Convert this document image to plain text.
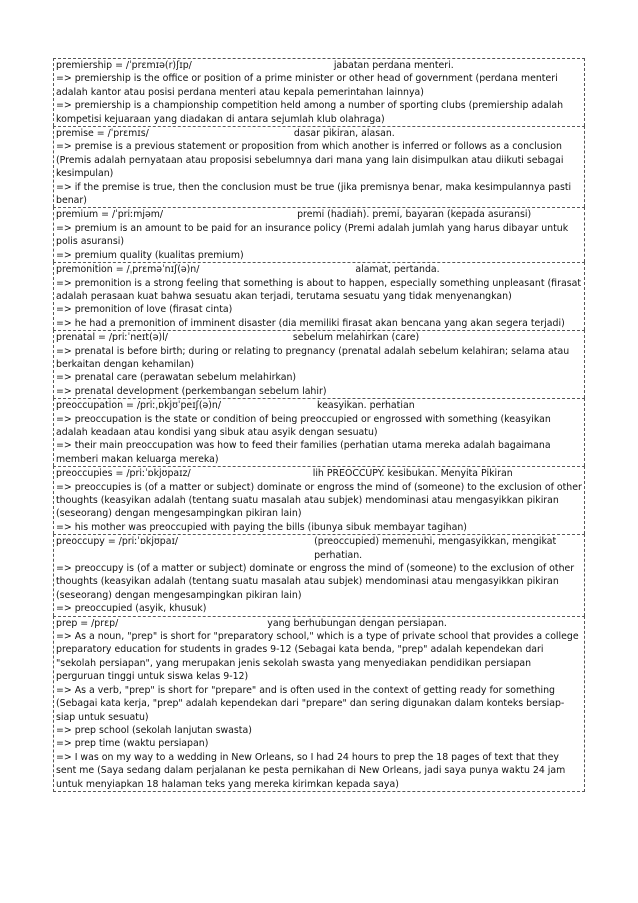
premiership = /ˈprɛmɪə(r)ʃɪp/	jabatan perdana menteri.
=> premiership is the office or position of a prime minister or other head of government (perdana menteri adalah kantor atau posisi perdana menteri atau kepala pemerintahan lainnya)
=> premiership is a championship competition held among a number of sporting clubs (premiership adalah kompetisi kejuaraan yang diadakan di antara sejumlah klub olahraga)
premise = /ˈprɛmɪs/	dasar pikiran, alasan.
=> premise is a previous statement or proposition from which another is inferred or follows as a conclusion (Premis adalah pernyataan atau proposisi sebelumnya dari mana yang lain disimpulkan atau diikuti sebagai kesimpulan)
=> if the premise is true, then the conclusion must be true (jika premisnya benar, maka kesimpulannya pasti benar)
premium = /ˈpriːmjəm/	premi (hadiah). premi, bayaran (kepada asuransi)
=> premium is an amount to be paid for an insurance policy (Premi adalah jumlah yang harus dibayar untuk polis asuransi)
=> premium quality (kualitas premium)
premonition = /ˌprɛməˈnɪʃ(ə)n/	alamat, pertanda.
=> premonition is a strong feeling that something is about to happen, especially something unpleasant (firasat adalah perasaan kuat bahwa sesuatu akan terjadi, terutama sesuatu yang tidak menyenangkan)
=> premonition of love (firasat cinta)
=> he had a premonition of imminent disaster (dia memiliki firasat akan bencana yang akan segera terjadi)
prenatal = /priːˈneɪt(ə)l/	sebelum melahirkan (care)
=> prenatal is before birth; during or relating to pregnancy (prenatal adalah sebelum kelahiran; selama atau berkaitan dengan kehamilan)
=> prenatal care (perawatan sebelum melahirkan)
=> prenatal development (perkembangan sebelum lahir)
preoccupation = /priːˌɒkjʊˈpeɪʃ(ə)n/	keasyikan. perhatian
=> preoccupation is the state or condition of being preoccupied or engrossed with something (keasyikan adalah keadaan atau kondisi yang sibuk atau asyik dengan sesuatu)
=> their main preoccupation was how to feed their families (perhatian utama mereka adalah bagaimana memberi makan keluarga mereka)
preoccupies = /priːˈɒkjʊpaɪz/	lih PREOCCUPY. kesibukan. Menyita Pikiran
=> preoccupies is (of a matter or subject) dominate or engross the mind of (someone) to the exclusion of other thoughts (keasyikan adalah (tentang suatu masalah atau subjek) mendominasi atau mengasyikkan pikiran (seseorang) dengan mengesampingkan pikiran lain)
=> his mother was preoccupied with paying the bills (ibunya sibuk membayar tagihan)
preoccupy = /priːˈɒkjʊpaɪ/	(preoccupied) memenuhi, mengasyikkan, mengikat perhatian.
=> preoccupy is (of a matter or subject) dominate or engross the mind of (someone) to the exclusion of other thoughts (keasyikan adalah (tentang suatu masalah atau subjek) mendominasi atau mengasyikkan pikiran (seseorang) dengan mengesampingkan pikiran lain)
=> preoccupied (asyik, khusuk)
prep = /prɛp/	yang berhubungan dengan persiapan.
=> As a noun, "prep" is short for "preparatory school," which is a type of private school that provides a college preparatory education for students in grades 9-12 (Sebagai kata benda, "prep" adalah kependekan dari "sekolah persiapan", yang merupakan jenis sekolah swasta yang menyediakan pendidikan persiapan perguruan tinggi untuk siswa kelas 9-12)
=> As a verb, "prep" is short for "prepare" and is often used in the context of getting ready for something (Sebagai kata kerja, "prep" adalah kependekan dari "prepare" dan sering digunakan dalam konteks bersiap-siap untuk sesuatu)
=> prep school (sekolah lanjutan swasta)
=> prep time (waktu persiapan)
=> I was on my way to a wedding in New Orleans, so I had 24 hours to prep the 18 pages of text that they sent me (Saya sedang dalam perjalanan ke pesta pernikahan di New Orleans, jadi saya punya waktu 24 jam untuk menyiapkan 18 halaman teks yang mereka kirimkan kepada saya)
